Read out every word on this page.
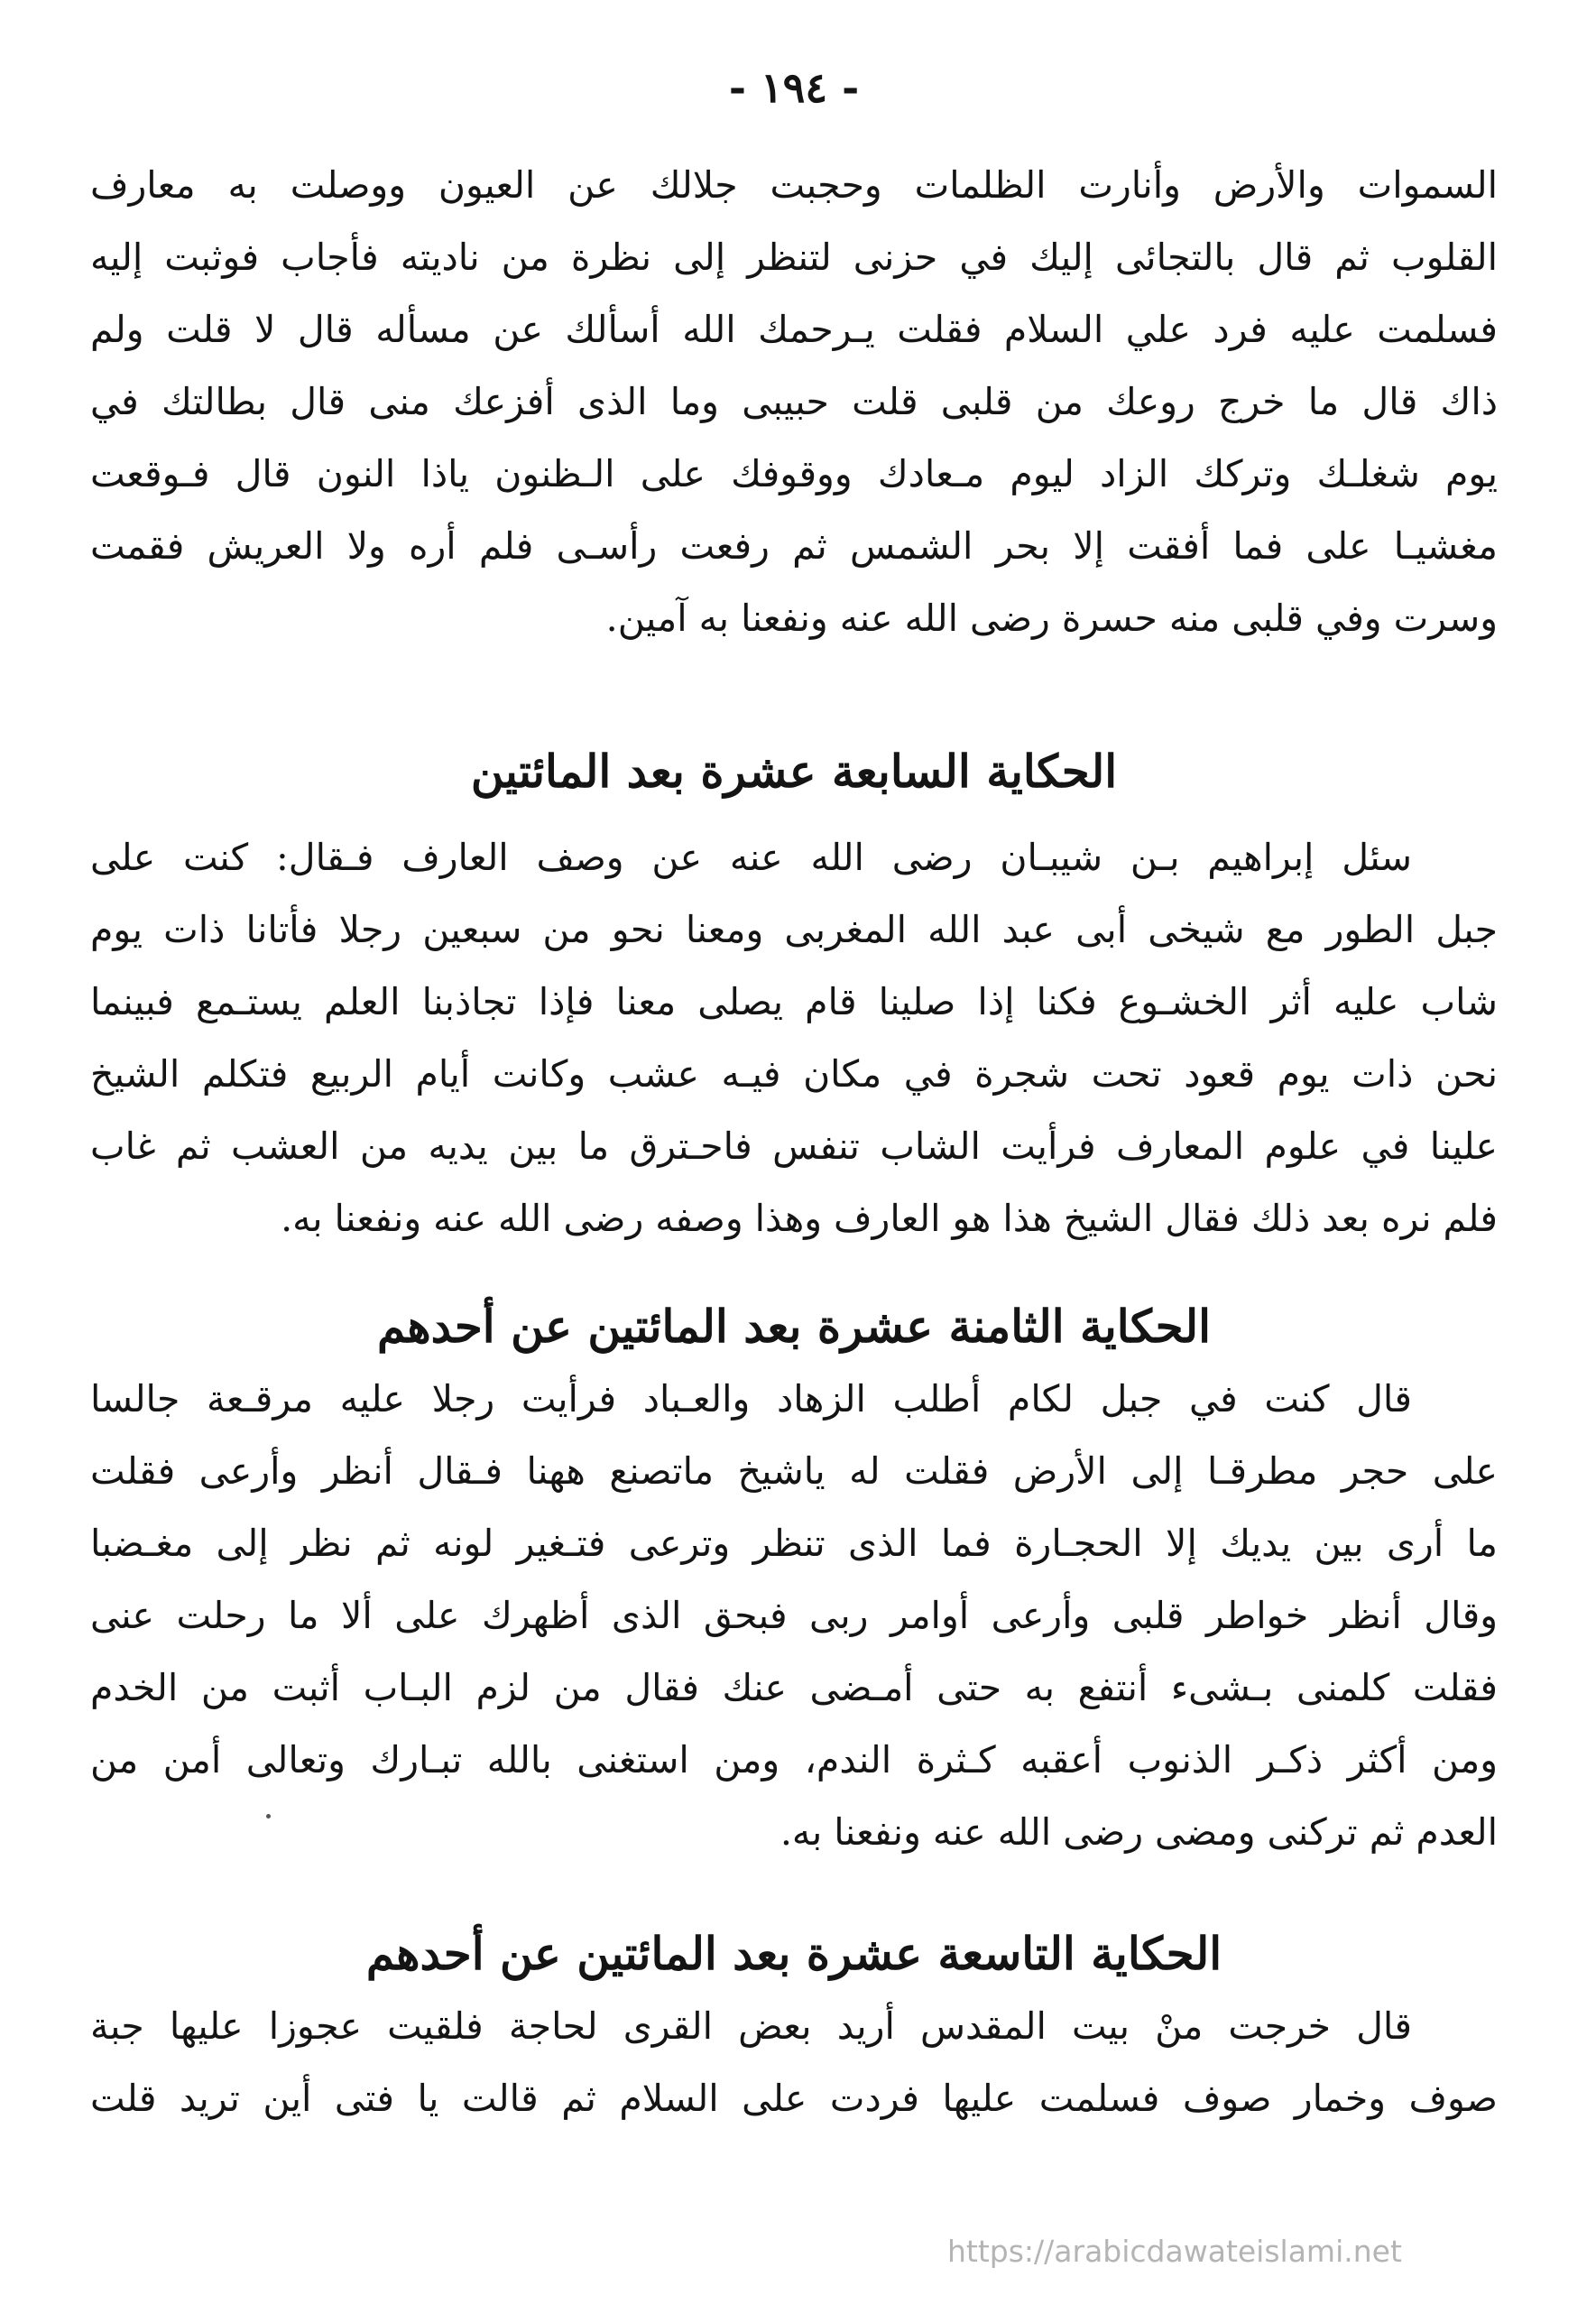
- ١٩٤ -
السموات والأرض وأنارت الظلمات وحجبت جلالك عن العيون ووصلت به معارف
القلوب ثم قال بالتجائى إليك في حزنى لتنظر إلى نظرة من ناديته فأجاب فوثبت إليه
فسلمت عليه فرد علي السلام فقلت يـرحمك الله أسألك عن مسأله قال لا قلت ولم
ذاك قال ما خرج روعك من قلبى قلت حبيبى وما الذى أفزعك منى قال بطالتك في
يوم شغلـك وتركك الزاد ليوم مـعادك ووقوفك على الـظنون ياذا النون قال فـوقعت
مغشيـا على فما أفقت إلا بحر الشمس ثم رفعت رأسـى فلم أره ولا العريش فقمت
وسرت وفي قلبى منه حسرة رضى الله عنه ونفعنا به آمين.
الحكاية السابعة عشرة بعد المائتين
سئل إبراهيم بـن شيبـان رضى الله عنه عن وصف العارف فـقال: كنت على
جبل الطور مع شيخى أبى عبد الله المغربى ومعنا نحو من سبعين رجلا فأتانا ذات يوم
شاب عليه أثر الخشـوع فكنا إذا صلينا قام يصلى معنا فإذا تجاذبنا العلم يستـمع فبينما
نحن ذات يوم قعود تحت شجرة في مكان فيـه عشب وكانت أيام الربيع فتكلم الشيخ
علينا في علوم المعارف فرأيت الشاب تنفس فاحـترق ما بين يديه من العشب ثم غاب
فلم نره بعد ذلك فقال الشيخ هذا هو العارف وهذا وصفه رضى الله عنه ونفعنا به.
الحكاية الثامنة عشرة بعد المائتين عن أحدهم
قال كنت في جبل لكام أطلب الزهاد والعـباد فرأيت رجلا عليه مرقـعة جالسا
على حجر مطرقـا إلى الأرض فقلت له ياشيخ ماتصنع ههنا فـقال أنظر وأرعى فقلت
ما أرى بين يديك إلا الحجـارة فما الذى تنظر وترعى فتـغير لونه ثم نظر إلى مغـضبا
وقال أنظر خواطر قلبى وأرعى أوامر ربى فبحق الذى أظهرك على ألا ما رحلت عنى
فقلت كلمنى بـشىء أنتفع به حتى أمـضى عنك فقال من لزم البـاب أثبت من الخدم
ومن أكثر ذكـر الذنوب أعقبه كـثرة الندم، ومن استغنى بالله تبـارك وتعالى أمن من
العدم ثم تركنى ومضى رضى الله عنه ونفعنا به.
الحكاية التاسعة عشرة بعد المائتين عن أحدهم
قال خرجت منْ بيت المقدس أريد بعض القرى لحاجة فلقيت عجوزا عليها جبة
صوف وخمار صوف فسلمت عليها فردت على السلام ثم قالت يا فتى أين تريد قلت
https://arabicdawateislami.net
